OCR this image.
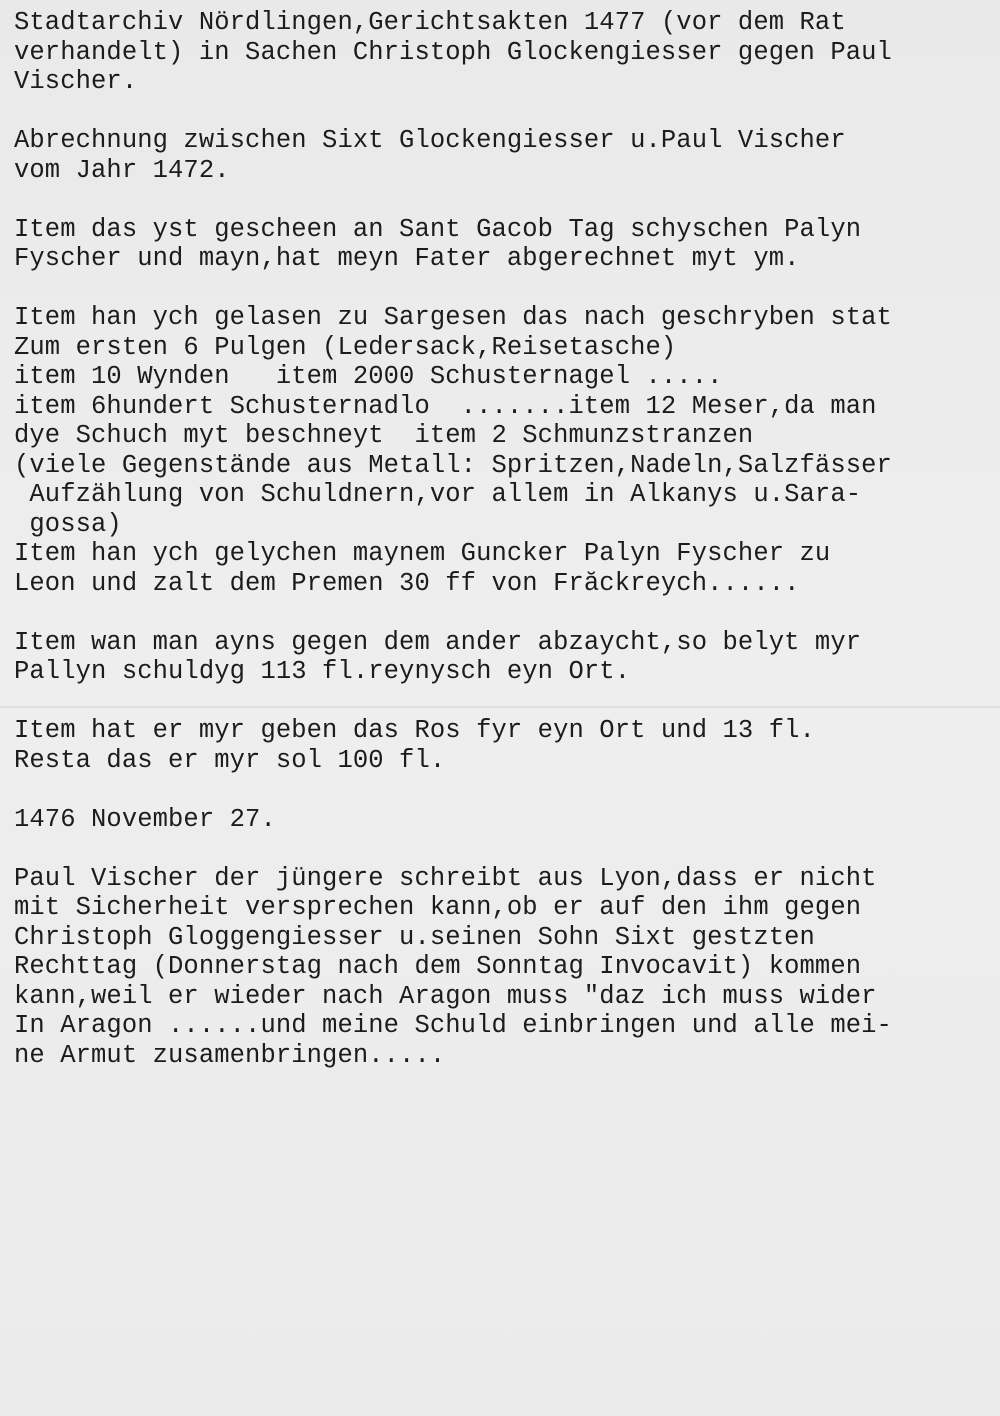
Stadtarchiv Nördlingen,Gerichtsakten 1477 (vor dem Rat
verhandelt) in Sachen Christoph Glockengiesser gegen Paul
Vischer.
Abrechnung zwischen Sixt Glockengiesser u.Paul Vischer
vom Jahr 1472.
Item das yst gescheen an Sant Gacob Tag schyschen Palyn
Fyscher und mayn,hat meyn Fater abgerechnet myt ym.
Item han ych gelasen zu Sargesen das nach geschryben stat
Zum ersten 6 Pulgen (Ledersack,Reisetasche)
item 10 Wynden   item 2000 Schusternagel .....
item 6hundert Schusternadlo  .......item 12 Meser,da man
dye Schuch myt beschneyt  item 2 Schmunzstranzen
(viele Gegenstände aus Metall: Spritzen,Nadeln,Salzfässer
Aufzählung von Schuldnern,vor allem in Alkanys u.Sara-
gossa)
Item han ych gelychen maynem Guncker Palyn Fyscher zu
Leon und zalt dem Premen 30 ff von Frăckreych......
Item wan man ayns gegen dem ander abzaycht,so belyt myr
Pallyn schuldyg 113 fl.reynysch eyn Ort.
Item hat er myr geben das Ros fyr eyn Ort und 13 fl.
Resta das er myr sol 100 fl.
1476 November 27.
Paul Vischer der jüngere schreibt aus Lyon,dass er nicht
mit Sicherheit versprechen kann,ob er auf den ihm gegen
Christoph Gloggengiesser u.seinen Sohn Sixt gestzten
Rechttag (Donnerstag nach dem Sonntag Invocavit) kommen
kann,weil er wieder nach Aragon muss "daz ich muss wider
In Aragon ......und meine Schuld einbringen und alle mei-
ne Armut zusamenbringen.....
